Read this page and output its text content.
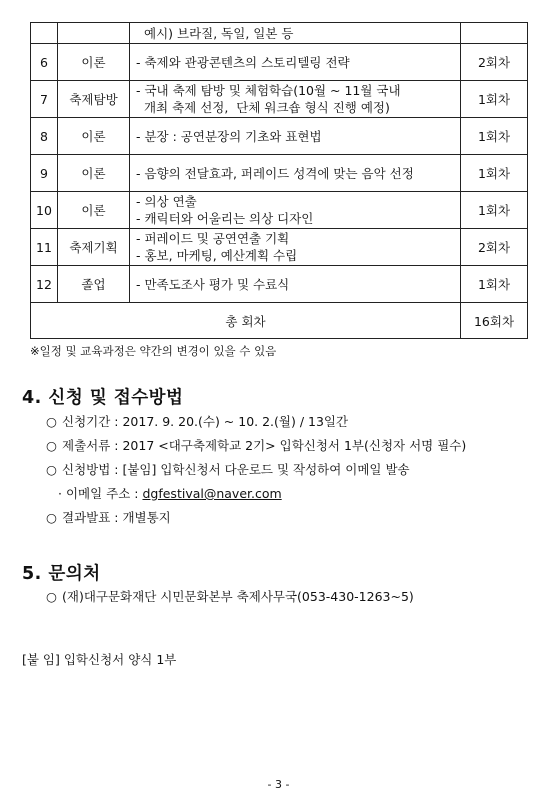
		예시) 브라질, 독일, 일본 등	
6	이론	- 축제와 관광콘텐츠의 스토리텔링 전략	2회차
7	축제탐방	- 국내 축제 탐방 및 체험학습(10월 ~ 11월 국내
개최 축제 선정,  단체 워크숍 형식 진행 예정)	1회차
8	이론	- 분장 : 공연분장의 기초와 표현법	1회차
9	이론	- 음향의 전달효과, 퍼레이드 성격에 맞는 음악 선정	1회차
10	이론	- 의상 연출
- 캐릭터와 어울리는 의상 디자인	1회차
11	축제기획	- 퍼레이드 및 공연연출 기획
- 홍보, 마케팅, 예산계획 수립	2회차
12	졸업	- 만족도조사 평가 및 수료식	1회차
총 회차			16회차
※일정 및 교육과정은 약간의 변경이 있을 수 있음
4. 신청 및 접수방법
○ 신청기간 : 2017. 9. 20.(수) ~ 10. 2.(월) / 13일간
○ 제출서류 : 2017 <대구축제학교 2기> 입학신청서 1부(신청자 서명 필수)
○ 신청방법 : [붙임] 입학신청서 다운로드 및 작성하여 이메일 발송
· 이메일 주소 : dgfestival@naver.com
○ 결과발표 : 개별통지
5. 문의처
○ (재)대구문화재단 시민문화본부 축제사무국(053-430-1263~5)
[붙 임] 입학신청서 양식 1부
- 3 -
